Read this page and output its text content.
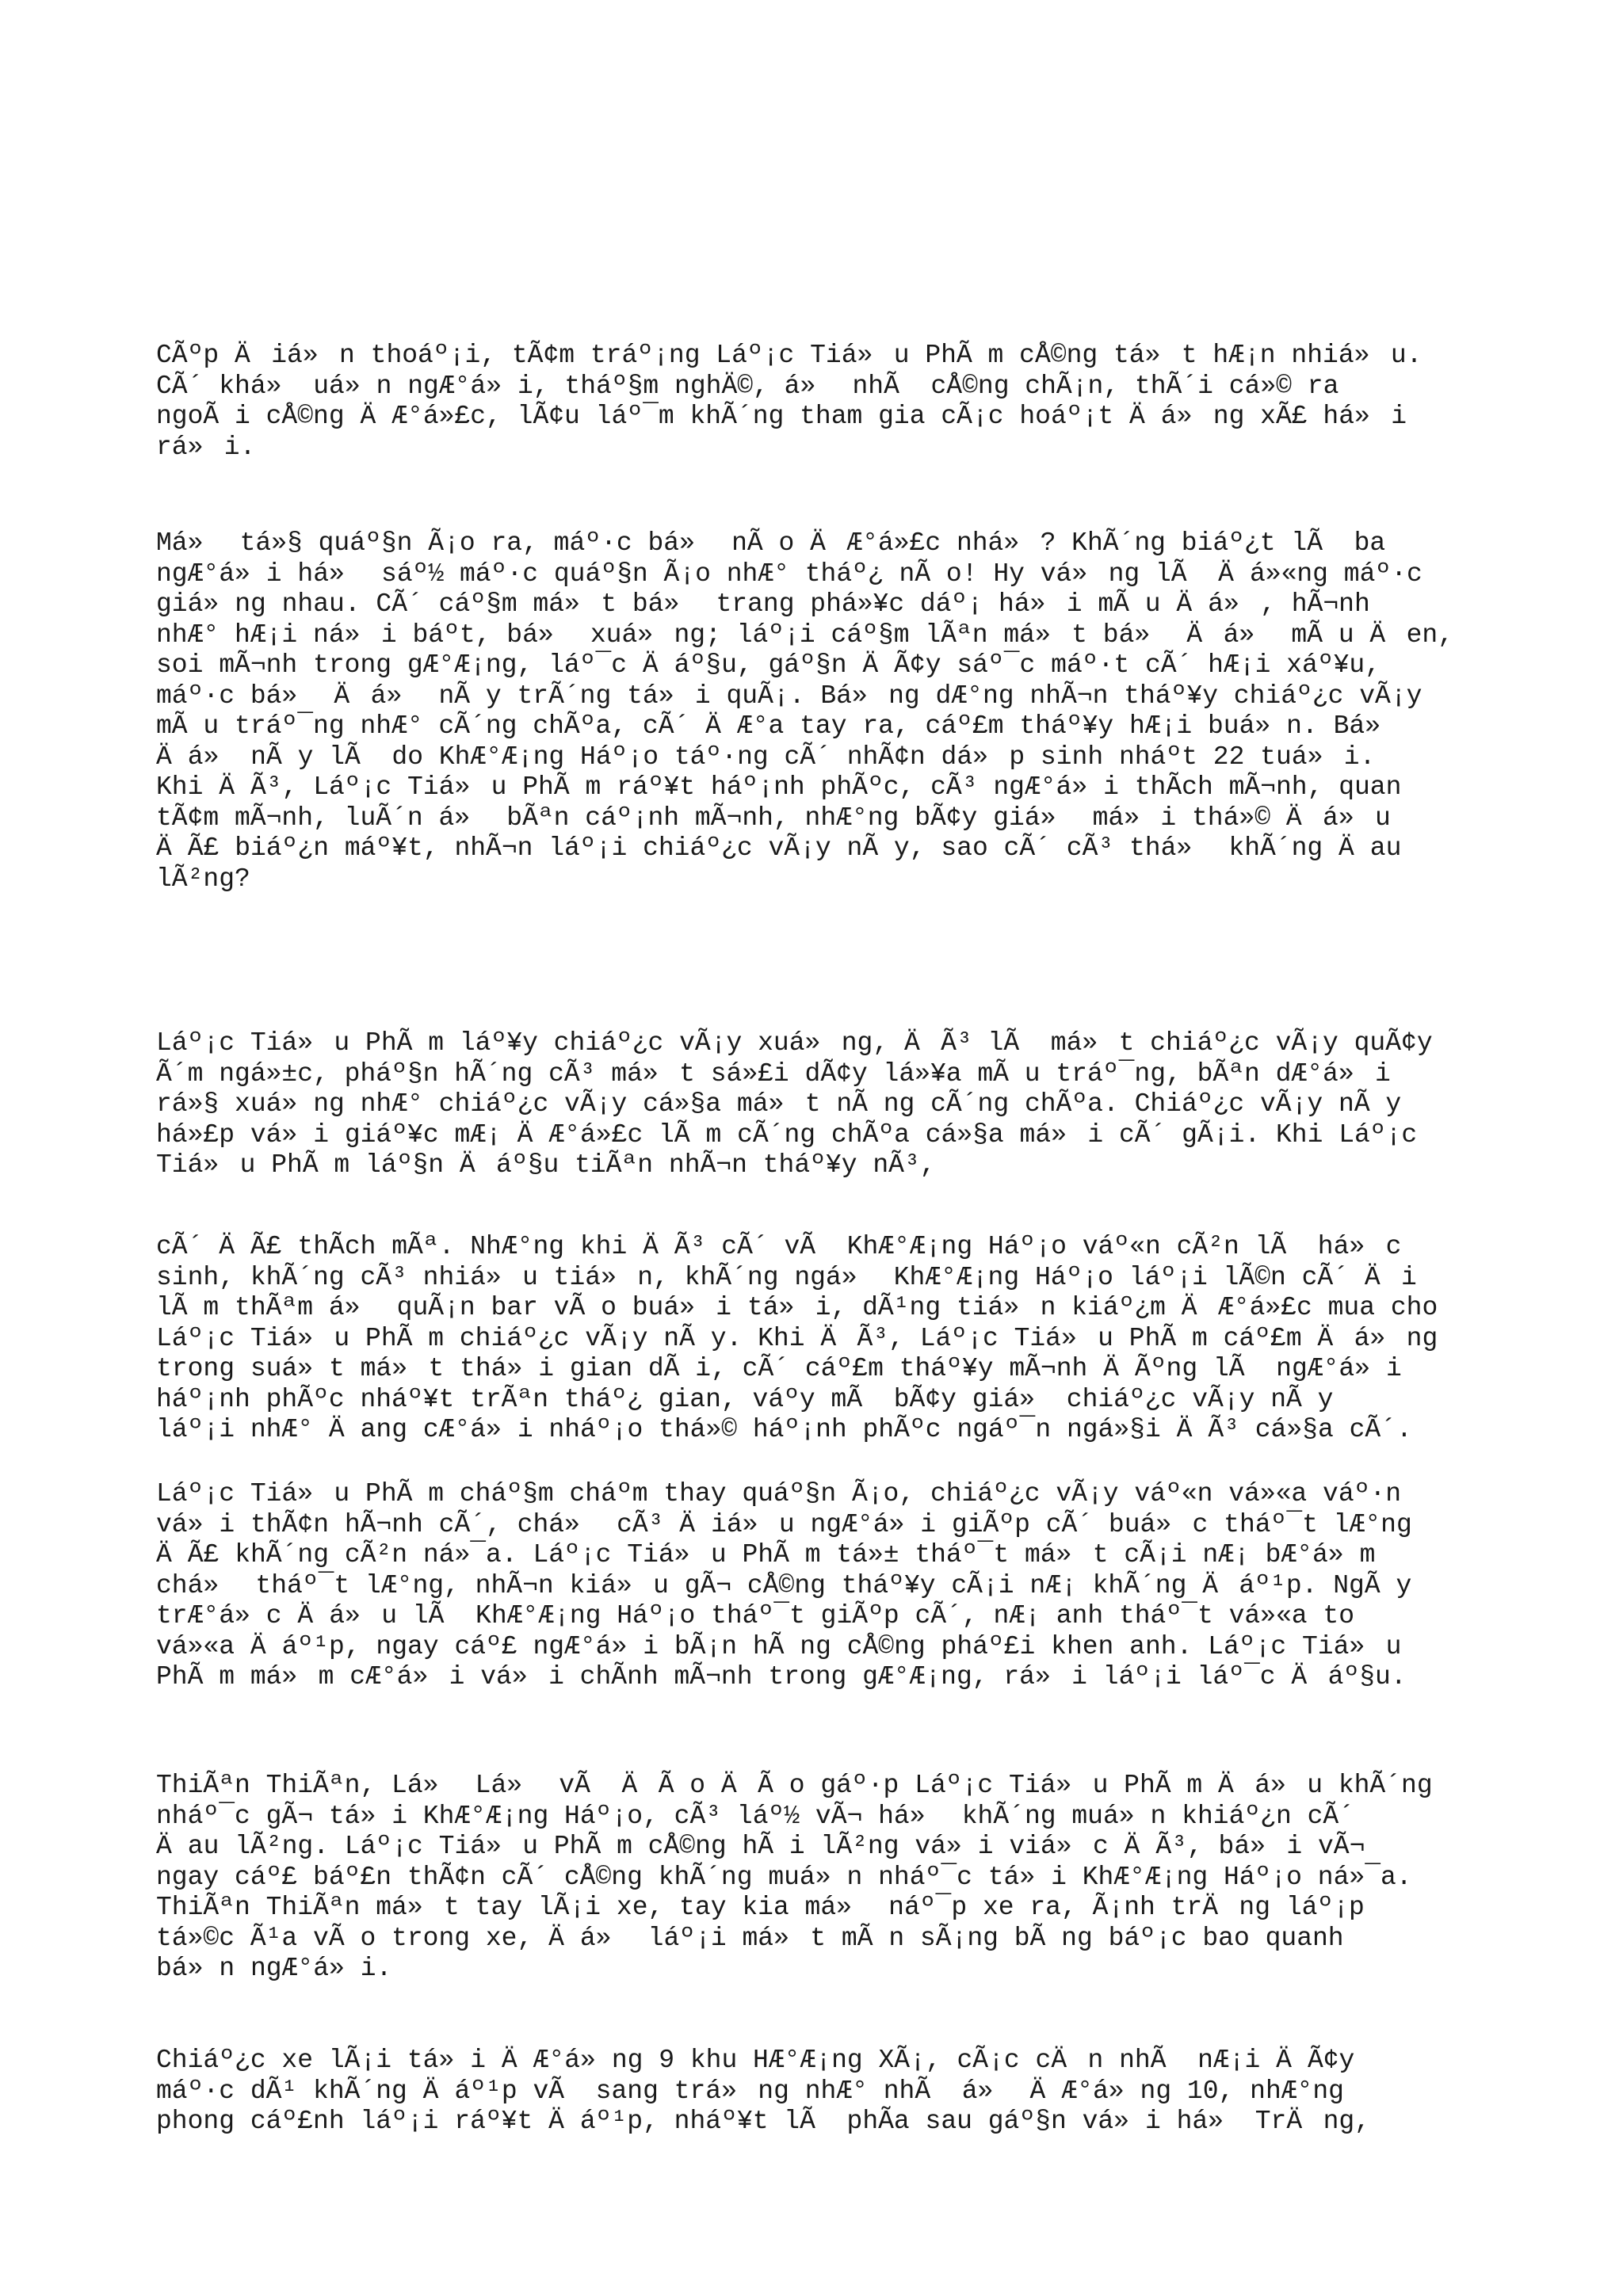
CÃºp Äiá»n thoáº¡i, tÃ¢m tráº¡ng Láº¡c Tiá»u PhÃ m cÅ©ng tá»t hÆ¡n nhiá»u.
CÃ´ khá» uá»n ngÆ°á»i, tháº§m nghÄ©, á» nhÃ  cÅ©ng chÃ¡n, thÃ´i cá»© ra
ngoÃ i cÅ©ng ÄÆ°á»£c, lÃ¢u láº¯m khÃ´ng tham gia cÃ¡c hoáº¡t Äá»ng xÃ£ há»i
rá»i.

Má» tá»§ quáº§n Ã¡o ra, máº·c bá» nÃ o ÄÆ°á»£c nhá»? KhÃ´ng biáº¿t lÃ  ba
ngÆ°á»i há» sáº½ máº·c quáº§n Ã¡o nhÆ° tháº¿ nÃ o! Hy vá»ng lÃ  Äá»«ng máº·c
giá»ng nhau. CÃ´ cáº§m má»t bá» trang phá»¥c dáº¡ há»i mÃ u Äá», hÃ¬nh
nhÆ° hÆ¡i ná»i báºt, bá» xuá»ng; láº¡i cáº§m lÃªn má»t bá» Äá» mÃ u Äen,
soi mÃ¬nh trong gÆ°Æ¡ng, láº¯c Äáº§u, gáº§n ÄÃ¢y sáº¯c máº·t cÃ´ hÆ¡i xáº¥u,
máº·c bá» Äá» nÃ y trÃ´ng tá»i quÃ¡. Bá»ng dÆ°ng nhÃ¬n tháº¥y chiáº¿c vÃ¡y
mÃ u tráº¯ng nhÆ° cÃ´ng chÃºa, cÃ´ ÄÆ°a tay ra, cáº£m tháº¥y hÆ¡i buá»n. Bá»
Äá» nÃ y lÃ  do KhÆ°Æ¡ng Háº¡o táº·ng cÃ´ nhÃ¢n dá»p sinh nháºt 22 tuá»i.
Khi ÄÃ³, Láº¡c Tiá»u PhÃ m ráº¥t háº¡nh phÃºc, cÃ³ ngÆ°á»i thÃch mÃ¬nh, quan
tÃ¢m mÃ¬nh, luÃ´n á» bÃªn cáº¡nh mÃ¬nh, nhÆ°ng bÃ¢y giá» má»i thá»© Äá»u
ÄÃ£ biáº¿n máº¥t, nhÃ¬n láº¡i chiáº¿c vÃ¡y nÃ y, sao cÃ´ cÃ³ thá» khÃ´ng Äau
lÃ²ng?

Láº¡c Tiá»u PhÃ m láº¥y chiáº¿c vÃ¡y xuá»ng, ÄÃ³ lÃ  má»t chiáº¿c vÃ¡y quÃ¢y
Ã´m ngá»±c, pháº§n hÃ´ng cÃ³ má»t sá»£i dÃ¢y lá»¥a mÃ u tráº¯ng, bÃªn dÆ°á»i
rá»§ xuá»ng nhÆ° chiáº¿c vÃ¡y cá»§a má»t nÃ ng cÃ´ng chÃºa. Chiáº¿c vÃ¡y nÃ y
há»£p vá»i giáº¥c mÆ¡ ÄÆ°á»£c lÃ m cÃ´ng chÃºa cá»§a má»i cÃ´ gÃ¡i. Khi Láº¡c
Tiá»u PhÃ m láº§n Äáº§u tiÃªn nhÃ¬n tháº¥y nÃ³,

cÃ´ ÄÃ£ thÃch mÃª. NhÆ°ng khi ÄÃ³ cÃ´ vÃ  KhÆ°Æ¡ng Háº¡o váº«n cÃ²n lÃ  há»c
sinh, khÃ´ng cÃ³ nhiá»u tiá»n, khÃ´ng ngá» KhÆ°Æ¡ng Háº¡o láº¡i lÃ©n cÃ´ Äi
lÃ m thÃªm á» quÃ¡n bar vÃ o buá»i tá»i, dÃ¹ng tiá»n kiáº¿m ÄÆ°á»£c mua cho
Láº¡c Tiá»u PhÃ m chiáº¿c vÃ¡y nÃ y. Khi ÄÃ³, Láº¡c Tiá»u PhÃ m cáº£m Äá»ng
trong suá»t má»t thá»i gian dÃ i, cÃ´ cáº£m tháº¥y mÃ¬nh ÄÃºng lÃ  ngÆ°á»i
háº¡nh phÃºc nháº¥t trÃªn tháº¿ gian, váºy mÃ  bÃ¢y giá» chiáº¿c vÃ¡y nÃ y
láº¡i nhÆ° Äang cÆ°á»i nháº¡o thá»© háº¡nh phÃºc ngáº¯n ngá»§i ÄÃ³ cá»§a cÃ´.

Láº¡c Tiá»u PhÃ m cháº§m cháºm thay quáº§n Ã¡o, chiáº¿c vÃ¡y váº«n vá»«a váº·n
vá»i thÃ¢n hÃ¬nh cÃ´, chá» cÃ³ Äiá»u ngÆ°á»i giÃºp cÃ´ buá»c tháº¯t lÆ°ng
ÄÃ£ khÃ´ng cÃ²n ná»¯a. Láº¡c Tiá»u PhÃ m tá»± tháº¯t má»t cÃ¡i nÆ¡ bÆ°á»m
chá» tháº¯t lÆ°ng, nhÃ¬n kiá»u gÃ¬ cÅ©ng tháº¥y cÃ¡i nÆ¡ khÃ´ng Äáº¹p. NgÃ y
trÆ°á»c Äá»u lÃ  KhÆ°Æ¡ng Háº¡o tháº¯t giÃºp cÃ´, nÆ¡ anh tháº¯t vá»«a to
vá»«a Äáº¹p, ngay cáº£ ngÆ°á»i bÃ¡n hÃ ng cÅ©ng pháº£i khen anh. Láº¡c Tiá»u
PhÃ m má»m cÆ°á»i vá»i chÃnh mÃ¬nh trong gÆ°Æ¡ng, rá»i láº¡i láº¯c Äáº§u.

ThiÃªn ThiÃªn, Lá» Lá» vÃ  ÄÃ o ÄÃ o gáº·p Láº¡c Tiá»u PhÃ m Äá»u khÃ´ng
nháº¯c gÃ¬ tá»i KhÆ°Æ¡ng Háº¡o, cÃ³ láº½ vÃ¬ há» khÃ´ng muá»n khiáº¿n cÃ´
Äau lÃ²ng. Láº¡c Tiá»u PhÃ m cÅ©ng hÃ i lÃ²ng vá»i viá»c ÄÃ³, bá»i vÃ¬
ngay cáº£ báº£n thÃ¢n cÃ´ cÅ©ng khÃ´ng muá»n nháº¯c tá»i KhÆ°Æ¡ng Háº¡o ná»¯a.
ThiÃªn ThiÃªn má»t tay lÃ¡i xe, tay kia má» náº¯p xe ra, Ã¡nh trÄng láº¡p
tá»©c Ã¹a vÃ o trong xe, Äá» láº¡i má»t mÃ n sÃ¡ng bÃ ng báº¡c bao quanh
bá»n ngÆ°á»i.

Chiáº¿c xe lÃ¡i tá»i ÄÆ°á»ng 9 khu HÆ°Æ¡ng XÃ¡, cÃ¡c cÄn nhÃ  nÆ¡i ÄÃ¢y
máº·c dÃ¹ khÃ´ng Äáº¹p vÃ  sang trá»ng nhÆ° nhÃ  á» ÄÆ°á»ng 10, nhÆ°ng
phong cáº£nh láº¡i ráº¥t Äáº¹p, nháº¥t lÃ  phÃa sau gáº§n vá»i há» TrÄng,
